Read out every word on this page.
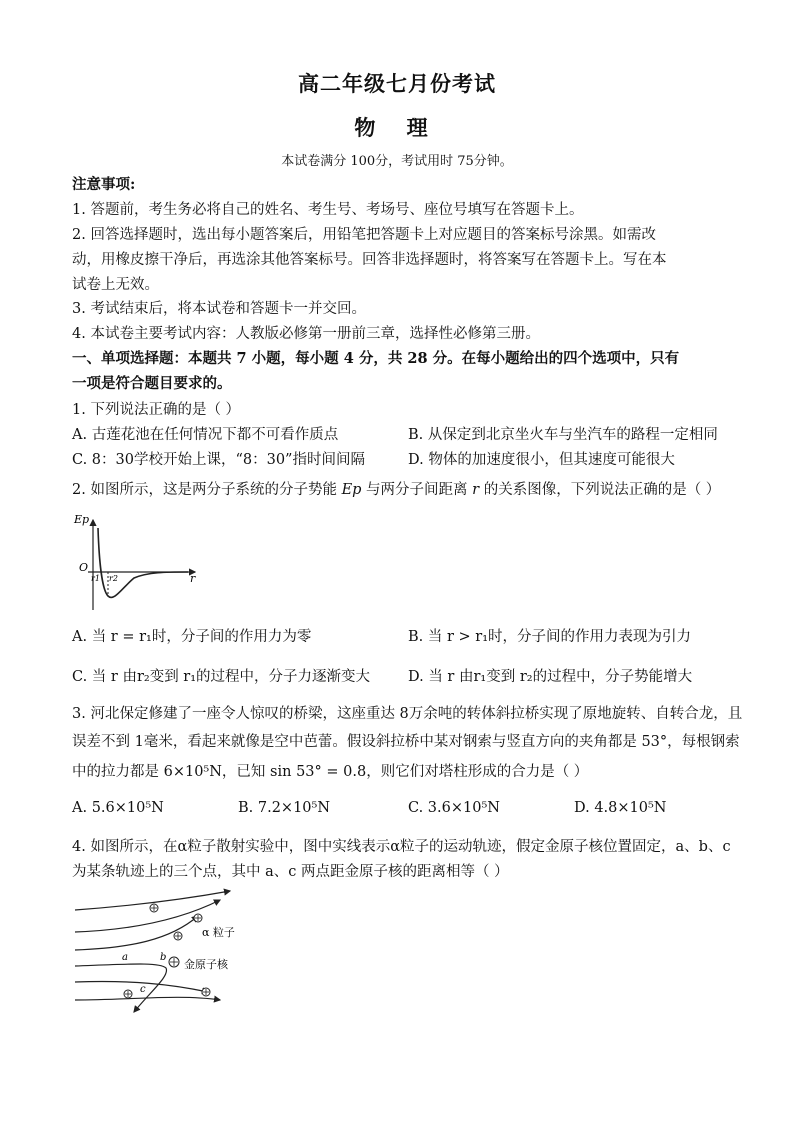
高二年级七月份考试
物 理
本试卷满分 100分，考试用时 75分钟。
注意事项:
1. 答题前，考生务必将自己的姓名、考生号、考场号、座位号填写在答题卡上。
2. 回答选择题时，选出每小题答案后，用铅笔把答题卡上对应题目的答案标号涂黑。如需改
动，用橡皮擦干净后，再选涂其他答案标号。回答非选择题时，将答案写在答题卡上。写在本
试卷上无效。
3. 考试结束后，将本试卷和答题卡一并交回。
4. 本试卷主要考试内容：人教版必修第一册前三章，选择性必修第三册。
一、单项选择题：本题共 7 小题，每小题 4 分，共 28 分。在每小题给出的四个选项中，只有
一项是符合题目要求的。
1. 下列说法正确的是（ ）
A. 古莲花池在任何情况下都不可看作质点	B. 从保定到北京坐火车与坐汽车的路程一定相同
C. 8：30学校开始上课，“8：30”指时间间隔	D. 物体的加速度很小，但其速度可能很大
2. 如图所示，这是两分子系统的分子势能 Ep 与两分子间距离 r 的关系图像，下列说法正确的是（ ）
Ep
O
r1 r2	r
A. 当 r = r₁时，分子间的作用力为零	B. 当 r > r₁时，分子间的作用力表现为引力
C. 当 r 由r₂变到 r₁的过程中，分子力逐渐变大	D. 当 r 由r₁变到 r₂的过程中，分子势能增大
3. 河北保定修建了一座令人惊叹的桥梁，这座重达 8万余吨的转体斜拉桥实现了原地旋转、自转合龙，且
误差不到 1毫米，看起来就像是空中芭蕾。假设斜拉桥中某对钢索与竖直方向的夹角都是 53°，每根钢索
中的拉力都是 6×10⁵N，已知 sin 53° = 0.8，则它们对塔柱形成的合力是（ ）
A. 5.6×10⁵N	B. 7.2×10⁵N	C. 3.6×10⁵N	D. 4.8×10⁵N
4. 如图所示，在α粒子散射实验中，图中实线表示α粒子的运动轨迹，假定金原子核位置固定，a、b、c
为某条轨迹上的三个点，其中 a、c 两点距金原子核的距离相等（ ）
α 粒子
金原子核
a	b
c
